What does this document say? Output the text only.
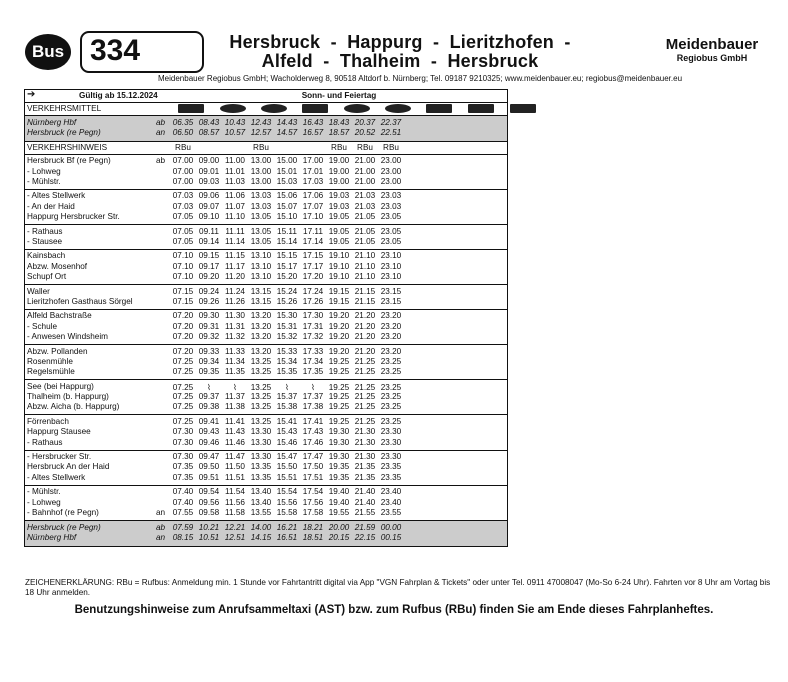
Bus 334	Hersbruck  -  Happurg  -  Lieritzhofen  -
Alfeld  -  Thalheim  -  Hersbruck
Meidenbauer
Regiobus GmbH
Meidenbauer Regiobus GmbH; Wacholderweg 8, 90518 Altdorf b. Nürnberg; Tel. 09187 9210325; www.meidenbauer.eu; regiobus@meidenbauer.eu
➔	Gültig ab 15.12.2024	Sonn- und Feiertag
VERKEHRSMITTEL
Nürnberg Hbf	ab 06.35 08.43 10.43 12.43 14.43 16.43 18.43 20.37 22.37
Hersbruck (re Pegn)	an 06.50 08.57 10.57 12.57 14.57 16.57 18.57 20.52 22.51
VERKEHRSHINWEIS	RBu	RBu	RBu RBu RBu
Hersbruck Bf (re Pegn)	ab 07.00 09.00 11.00 13.00 15.00 17.00 19.00 21.00 23.00
- Lohweg	07.00 09.01 11.01 13.00 15.01 17.01 19.00 21.00 23.00
- Mühlstr.	07.00 09.03 11.03 13.00 15.03 17.03 19.00 21.00 23.00
- Altes Stellwerk	07.03 09.06 11.06 13.03 15.06 17.06 19.03 21.03 23.03
- An der Haid	07.03 09.07 11.07 13.03 15.07 17.07 19.03 21.03 23.03
Happurg Hersbrucker Str.	07.05 09.10 11.10 13.05 15.10 17.10 19.05 21.05 23.05
- Rathaus	07.05 09.11 11.11 13.05 15.11 17.11 19.05 21.05 23.05
- Stausee	07.05 09.14 11.14 13.05 15.14 17.14 19.05 21.05 23.05
Kainsbach	07.10 09.15 11.15 13.10 15.15 17.15 19.10 21.10 23.10
Abzw. Mosenhof	07.10 09.17 11.17 13.10 15.17 17.17 19.10 21.10 23.10
Schupf Ort	07.10 09.20 11.20 13.10 15.20 17.20 19.10 21.10 23.10
Waller	07.15 09.24 11.24 13.15 15.24 17.24 19.15 21.15 23.15
Lieritzhofen Gasthaus Sörgel	07.15 09.26 11.26 13.15 15.26 17.26 19.15 21.15 23.15
Alfeld Bachstraße	07.20 09.30 11.30 13.20 15.30 17.30 19.20 21.20 23.20
- Schule	07.20 09.31 11.31 13.20 15.31 17.31 19.20 21.20 23.20
- Anwesen Windsheim	07.20 09.32 11.32 13.20 15.32 17.32 19.20 21.20 23.20
Abzw. Pollanden	07.20 09.33 11.33 13.20 15.33 17.33 19.20 21.20 23.20
Rosenmühle	07.25 09.34 11.34 13.25 15.34 17.34 19.25 21.25 23.25
Regelsmühle	07.25 09.35 11.35 13.25 15.35 17.35 19.25 21.25 23.25
See (bei Happurg)	07.25 ⌇	⌇ 13.25 ⌇	⌇ 19.25 21.25 23.25
Thalheim (b. Happurg)	07.25 09.37 11.37 13.25 15.37 17.37 19.25 21.25 23.25
Abzw. Aicha (b. Happurg)	07.25 09.38 11.38 13.25 15.38 17.38 19.25 21.25 23.25
Förrenbach	07.25 09.41 11.41 13.25 15.41 17.41 19.25 21.25 23.25
Happurg Stausee	07.30 09.43 11.43 13.30 15.43 17.43 19.30 21.30 23.30
- Rathaus	07.30 09.46 11.46 13.30 15.46 17.46 19.30 21.30 23.30
- Hersbrucker Str.	07.30 09.47 11.47 13.30 15.47 17.47 19.30 21.30 23.30
Hersbruck An der Haid	07.35 09.50 11.50 13.35 15.50 17.50 19.35 21.35 23.35
- Altes Stellwerk	07.35 09.51 11.51 13.35 15.51 17.51 19.35 21.35 23.35
- Mühlstr.	07.40 09.54 11.54 13.40 15.54 17.54 19.40 21.40 23.40
- Lohweg	07.40 09.56 11.56 13.40 15.56 17.56 19.40 21.40 23.40
- Bahnhof (re Pegn)	an 07.55 09.58 11.58 13.55 15.58 17.58 19.55 21.55 23.55
Hersbruck (re Pegn)	ab 07.59 10.21 12.21 14.00 16.21 18.21 20.00 21.59 00.00
Nürnberg Hbf	an 08.15 10.51 12.51 14.15 16.51 18.51 20.15 22.15 00.15
ZEICHENERKLÄRUNG: RBu = Rufbus: Anmeldung min. 1 Stunde vor Fahrtantritt digital via App "VGN Fahrplan & Tickets" oder unter Tel. 0911 47008047 (Mo-So 6-24 Uhr). Fahrten vor 8 Uhr am Vortag bis 18 Uhr anmelden.
Benutzungshinweise zum Anrufsammeltaxi (AST) bzw. zum Rufbus (RBu) finden Sie am Ende dieses Fahrplanheftes.
